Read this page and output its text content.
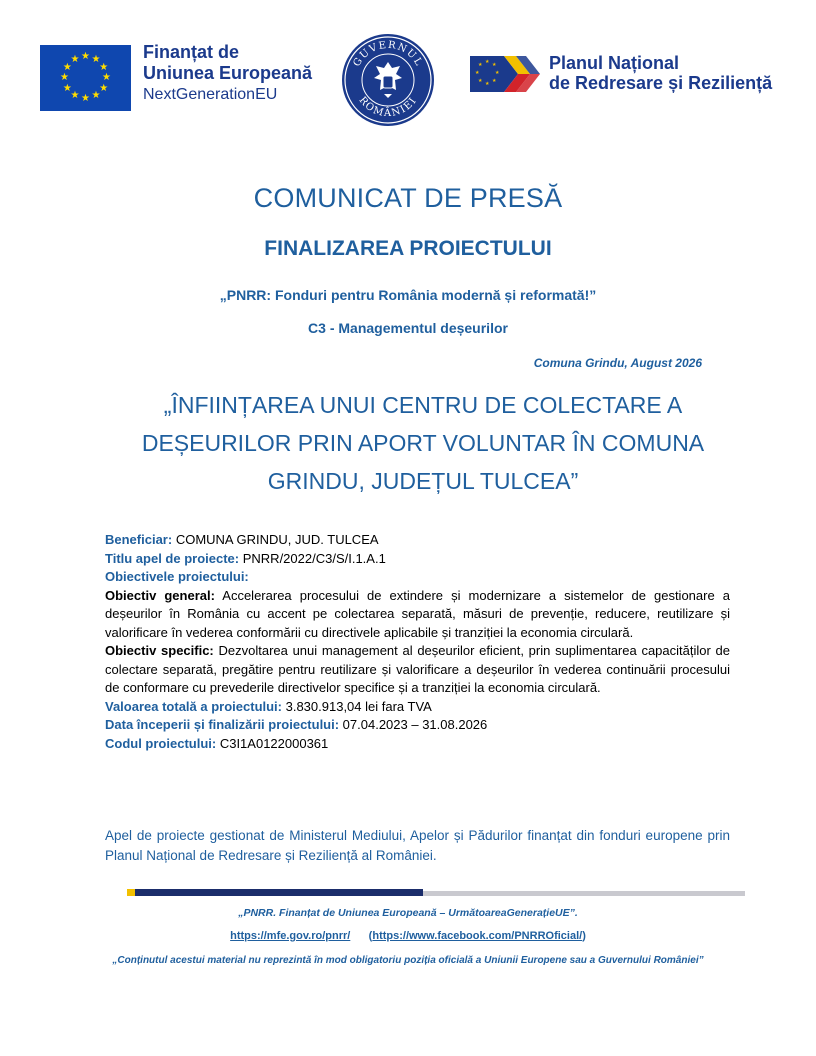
★ ★
★
★
★
★
★
★
★
★
★
★	Finanțat de
Uniunea Europeană
NextGenerationEU
GUVERNUL
ROMÂNIEI
★ ★
★
★
★
★
★
★	Planul Național
de Redresare și Reziliență
COMUNICAT DE PRESĂ
FINALIZAREA PROIECTULUI
„PNRR: Fonduri pentru România modernă și reformată!”
C3 - Managementul deșeurilor
Comuna Grindu, August 2026
„ÎNFIINȚAREA UNUI CENTRU DE COLECTARE A
DEȘEURILOR PRIN APORT VOLUNTAR ÎN COMUNA
GRINDU, JUDEȚUL TULCEA”

Beneficiar: COMUNA GRINDU, JUD. TULCEA

Titlu apel de proiecte: PNRR/2022/C3/S/I.1.A.1

Obiectivele proiectului:

Obiectiv general: Accelerarea procesului de extindere și modernizare a sistemelor de gestionare a deșeurilor în România cu accent pe colectarea separată, măsuri de prevenție, reducere, reutilizare și valorificare în vederea conformării cu directivele aplicabile și tranziției la economia circulară.

Obiectiv specific: Dezvoltarea unui management al deșeurilor eficient, prin suplimentarea capacităților de colectare separată, pregătire pentru reutilizare și valorificare a deșeurilor în vederea continuării procesului de conformare cu prevederile directivelor specifice și a tranziției la economia circulară.

Valoarea totală a proiectului: 3.830.913,04 lei fara TVA

Data începerii și finalizării proiectului: 07.04.2023 – 31.08.2026

Codul proiectului: C3I1A0122000361

Apel de proiecte gestionat de Ministerul Mediului, Apelor și Pădurilor finanțat din fonduri europene prin Planul Național de Redresare și Reziliență al României.
„PNRR. Finanțat de Uniunea Europeană – UrmătoareaGenerațieUE”.
https://mfe.gov.ro/pnrr/ (https://www.facebook.com/PNRROficial/)
„Conținutul acestui material nu reprezintă în mod obligatoriu poziția oficială a Uniunii Europene sau a Guvernului României”
